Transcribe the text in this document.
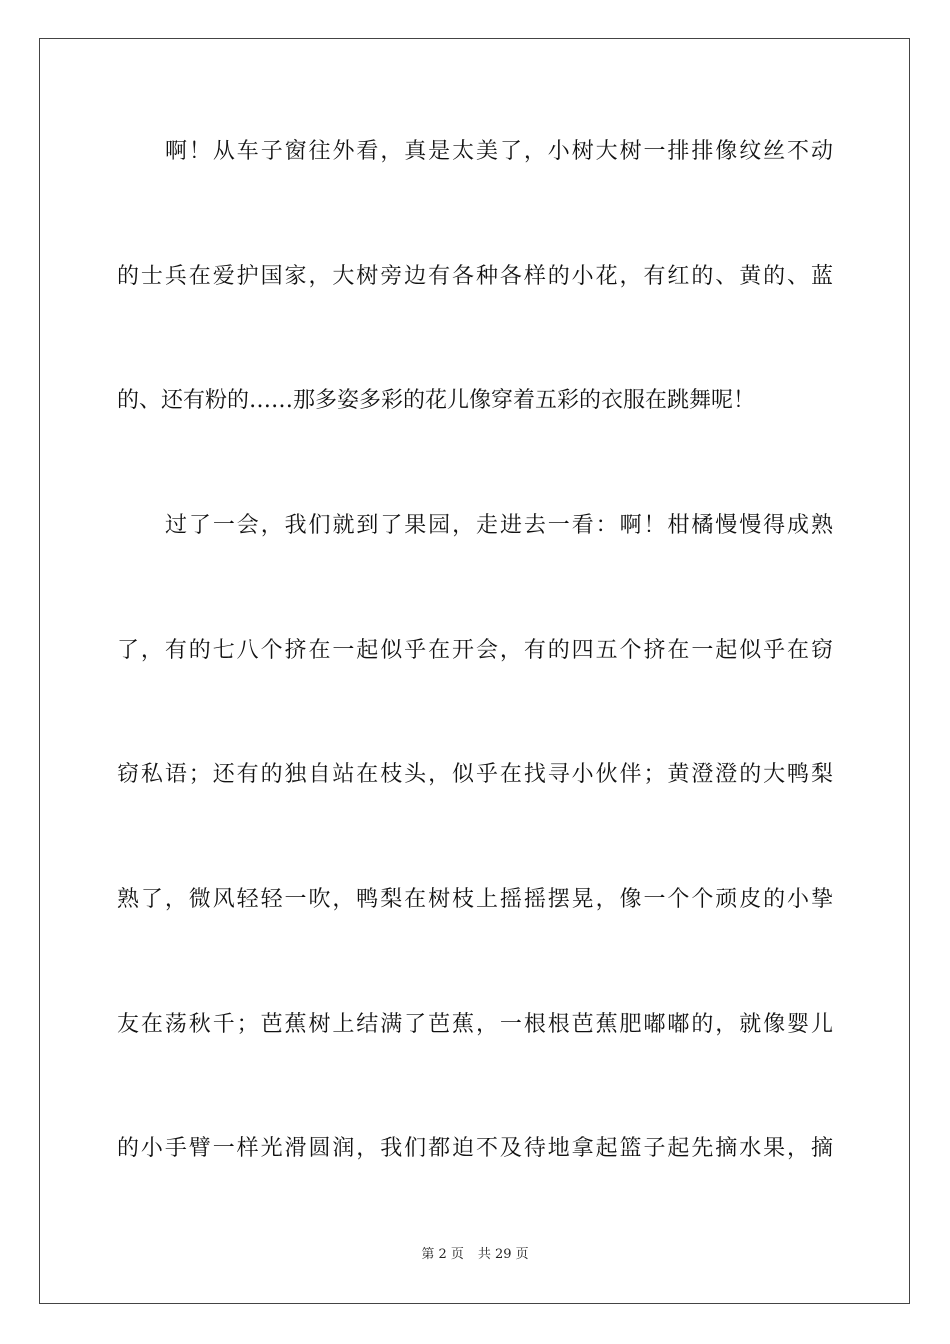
啊！从车子窗往外看，真是太美了，小树大树一排排像纹丝不动
的士兵在爱护国家，大树旁边有各种各样的小花，有红的、黄的、蓝
的、还有粉的……那多姿多彩的花儿像穿着五彩的衣服在跳舞呢！
过了一会，我们就到了果园，走进去一看：啊！柑橘慢慢得成熟
了，有的七八个挤在一起似乎在开会，有的四五个挤在一起似乎在窃
窃私语；还有的独自站在枝头，似乎在找寻小伙伴；黄澄澄的大鸭梨
熟了，微风轻轻一吹，鸭梨在树枝上摇摇摆晃，像一个个顽皮的小挚
友在荡秋千；芭蕉树上结满了芭蕉，一根根芭蕉肥嘟嘟的，就像婴儿
的小手臂一样光滑圆润，我们都迫不及待地拿起篮子起先摘水果，摘
第 2 页 共 29 页
